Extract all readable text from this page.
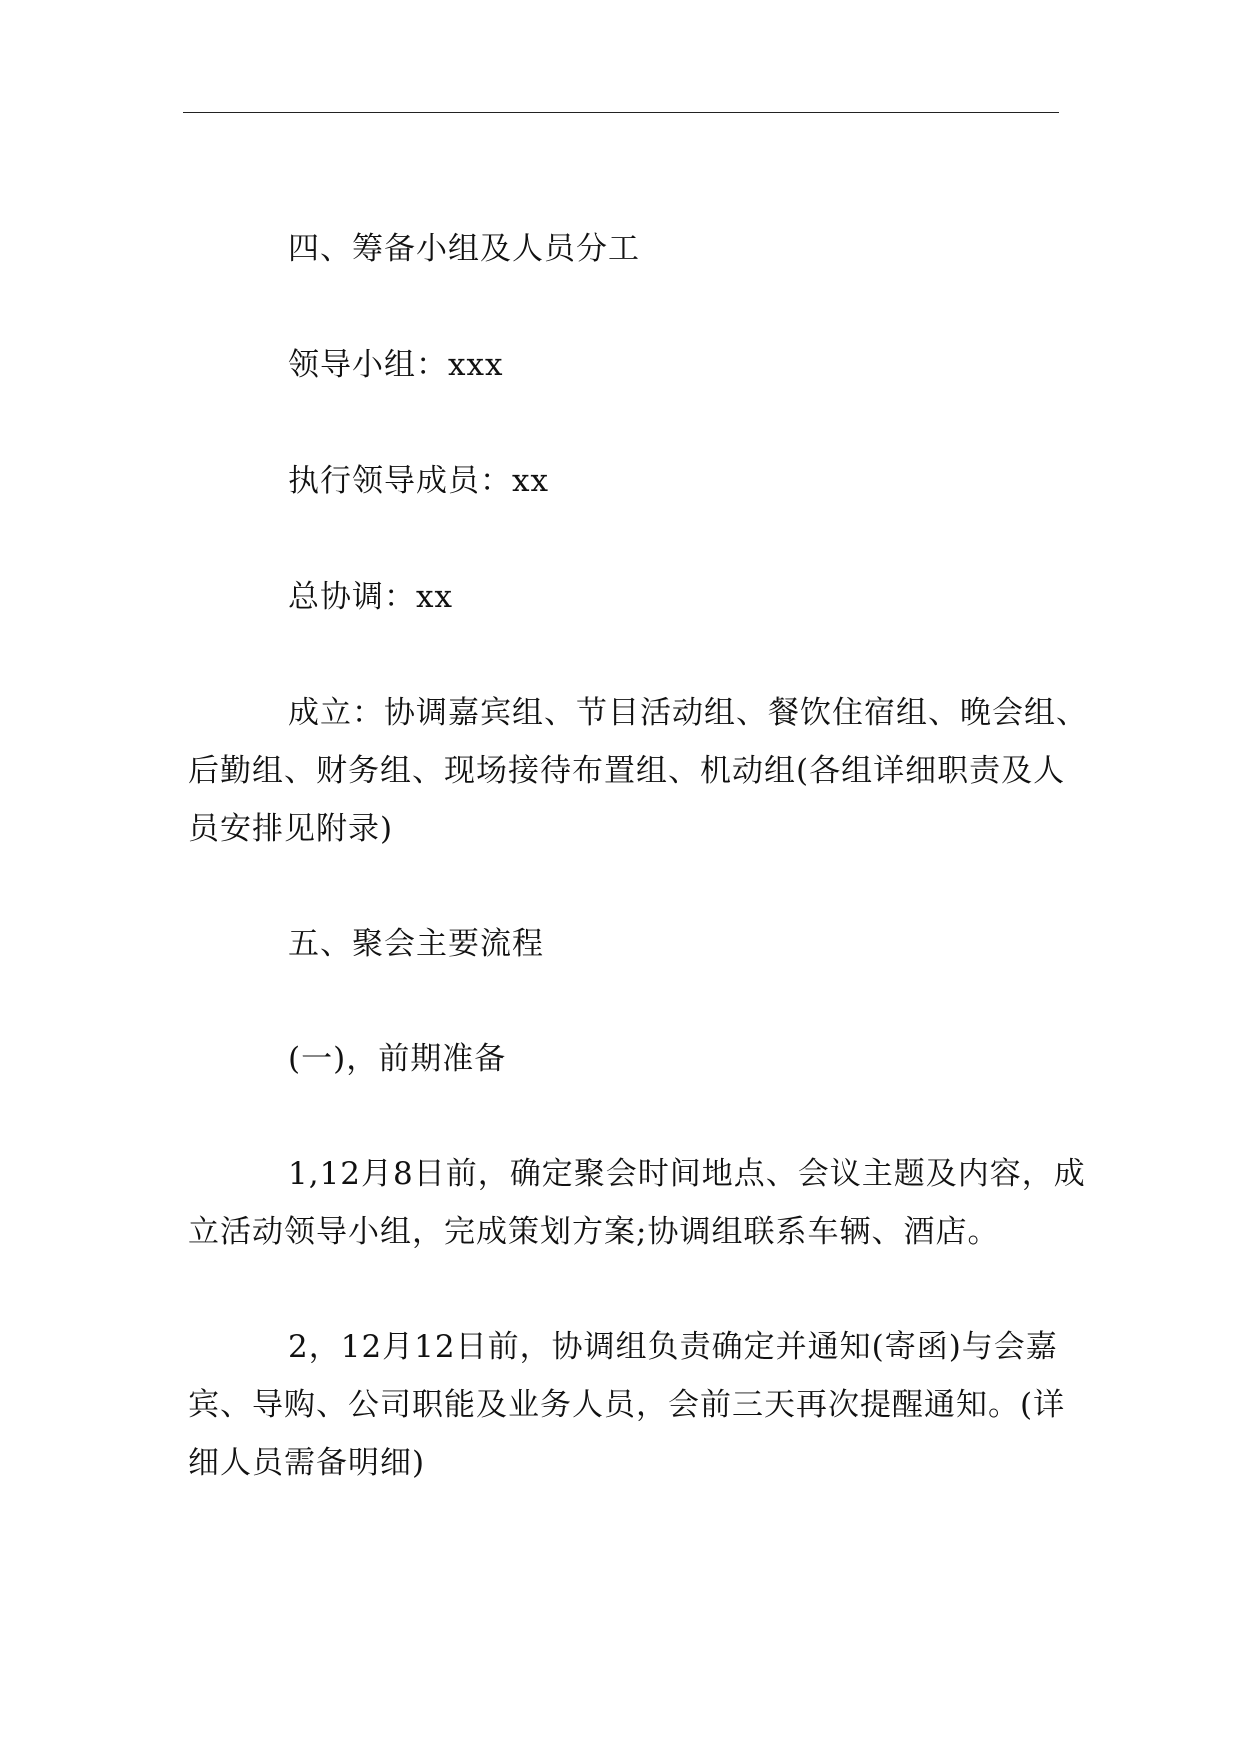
四、筹备小组及人员分工

领导小组：xxx

执行领导成员：xx

总协调：xx

成立：协调嘉宾组、节目活动组、餐饮住宿组、晚会组、后勤组、财务组、现场接待布置组、机动组(各组详细职责及人员安排见附录)

五、聚会主要流程

(一)，前期准备

1,12月8日前，确定聚会时间地点、会议主题及内容，成立活动领导小组，完成策划方案;协调组联系车辆、酒店。

2，12月12日前，协调组负责确定并通知(寄函)与会嘉宾、导购、公司职能及业务人员，会前三天再次提醒通知。(详细人员需备明细)
